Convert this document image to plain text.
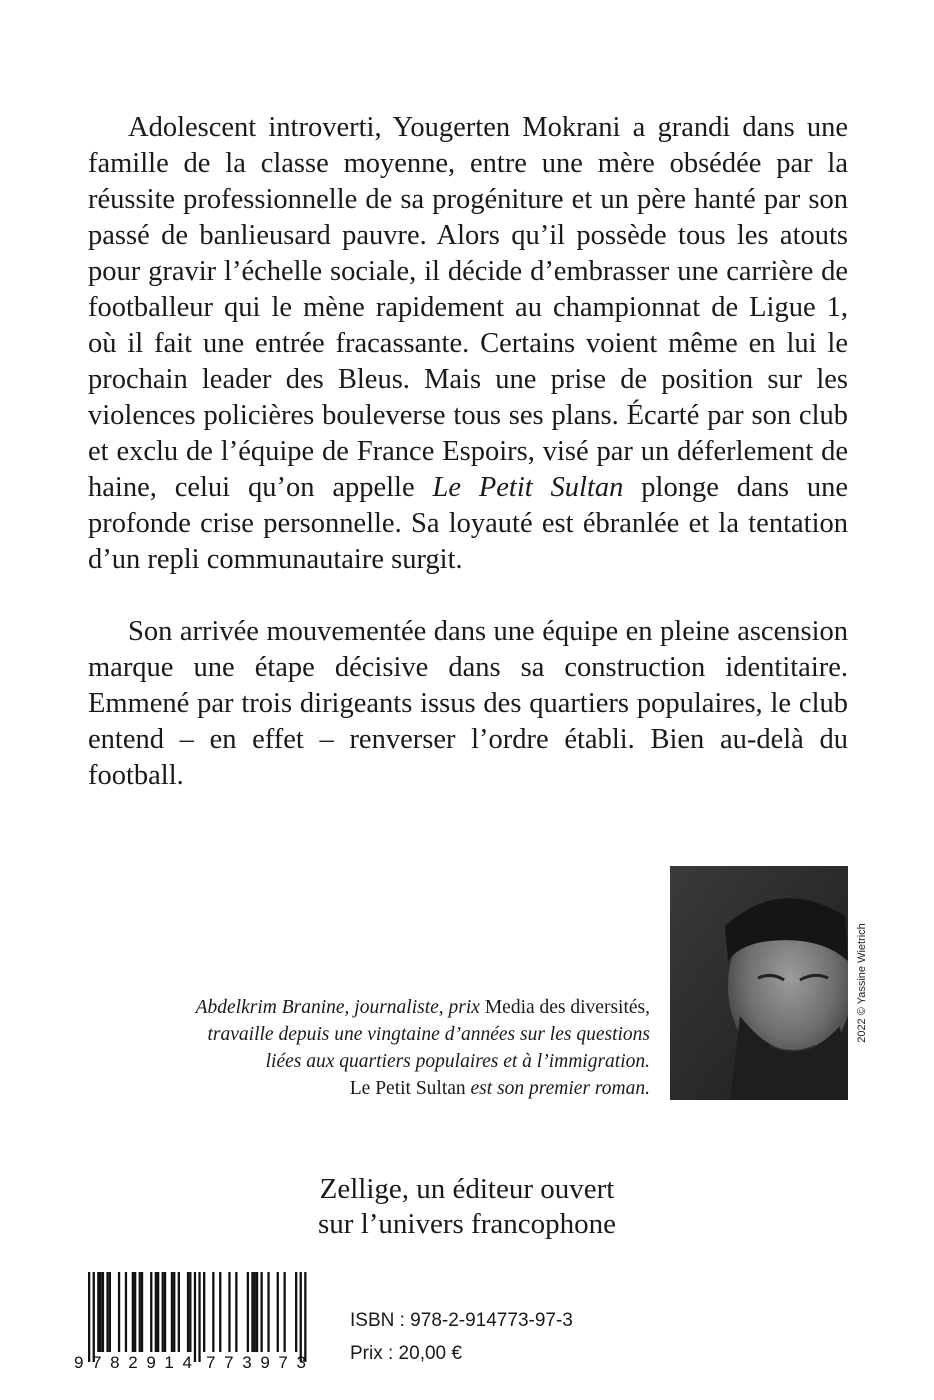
Adolescent introverti, Yougerten Mokrani a grandi dans une famille de la classe moyenne, entre une mère obsédée par la réussite professionnelle de sa progéniture et un père hanté par son passé de banlieusard pauvre. Alors qu’il possède tous les atouts pour gravir l’échelle sociale, il décide d’embrasser une carrière de footballeur qui le mène rapidement au championnat de Ligue 1, où il fait une entrée fracassante. Certains voient même en lui le prochain leader des Bleus. Mais une prise de position sur les violences policières bouleverse tous ses plans. Écarté par son club et exclu de l’équipe de France Espoirs, visé par un déferlement de haine, celui qu’on appelle Le Petit Sultan plonge dans une profonde crise personnelle. Sa loyauté est ébranlée et la tentation d’un repli communautaire surgit.

Son arrivée mouvementée dans une équipe en pleine ascension marque une étape décisive dans sa construction identitaire. Emmené par trois dirigeants issus des quartiers populaires, le club entend – en effet – renverser l’ordre établi. Bien au-delà du football.

Abdelkrim Branine, journaliste, prix Media des diversités,
travaille depuis une vingtaine d’années sur les questions
liées aux quartiers populaires et à l’immigration.
Le Petit Sultan est son premier roman.
2022 © Yassine Wietrich
Zellige, un éditeur ouvert
sur l’univers francophone
9 782914 773973
ISBN : 978-2-914773-97-3
Prix : 20,00 €
